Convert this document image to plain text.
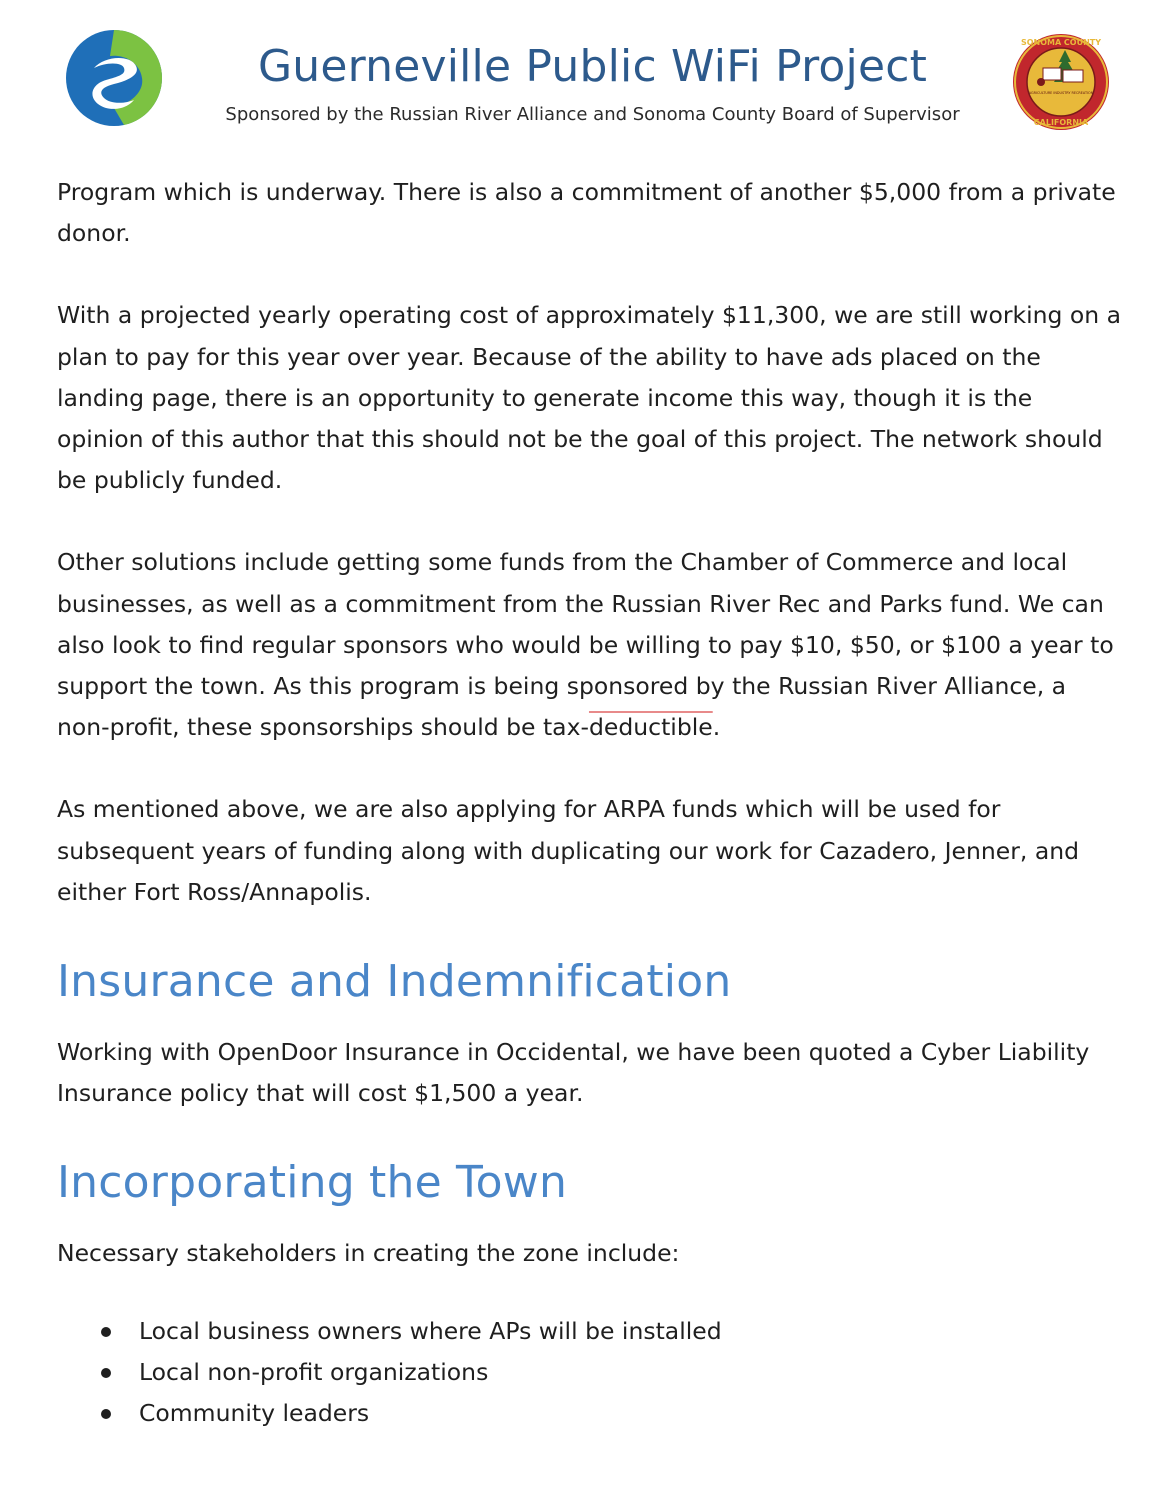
Guerneville Public WiFi Project
Sponsored by the Russian River Alliance and Sonoma County Board of Supervisor
SONOMA COUNTY
AGRICULTURE INDUSTRY RECREATION
CALIFORNIA

Program which is underway. There is also a commitment of another $5,000 from a private donor.

With a projected yearly operating cost of approximately $11,300, we are still working on a plan to pay for this year over year. Because of the ability to have ads placed on the landing page, there is an opportunity to generate income this way, though it is the opinion of this author that this should not be the goal of this project. The network should be publicly funded.

Other solutions include getting some funds from the Chamber of Commerce and local businesses, as well as a commitment from the Russian River Rec and Parks fund. We can also look to find regular sponsors who would be willing to pay $10, $50, or $100 a year to support the town. As this program is being sponsored by the Russian River Alliance, a non-profit, these sponsorships should be tax-deductible.

As mentioned above, we are also applying for ARPA funds which will be used for subsequent years of funding along with duplicating our work for Cazadero, Jenner, and either Fort Ross/Annapolis.

Insurance and Indemnification

Working with OpenDoor Insurance in Occidental, we have been quoted a Cyber Liability Insurance policy that will cost $1,500 a year.

Incorporating the Town

Necessary stakeholders in creating the zone include:

Local business owners where APs will be installed
Local non-profit organizations
Community leaders
